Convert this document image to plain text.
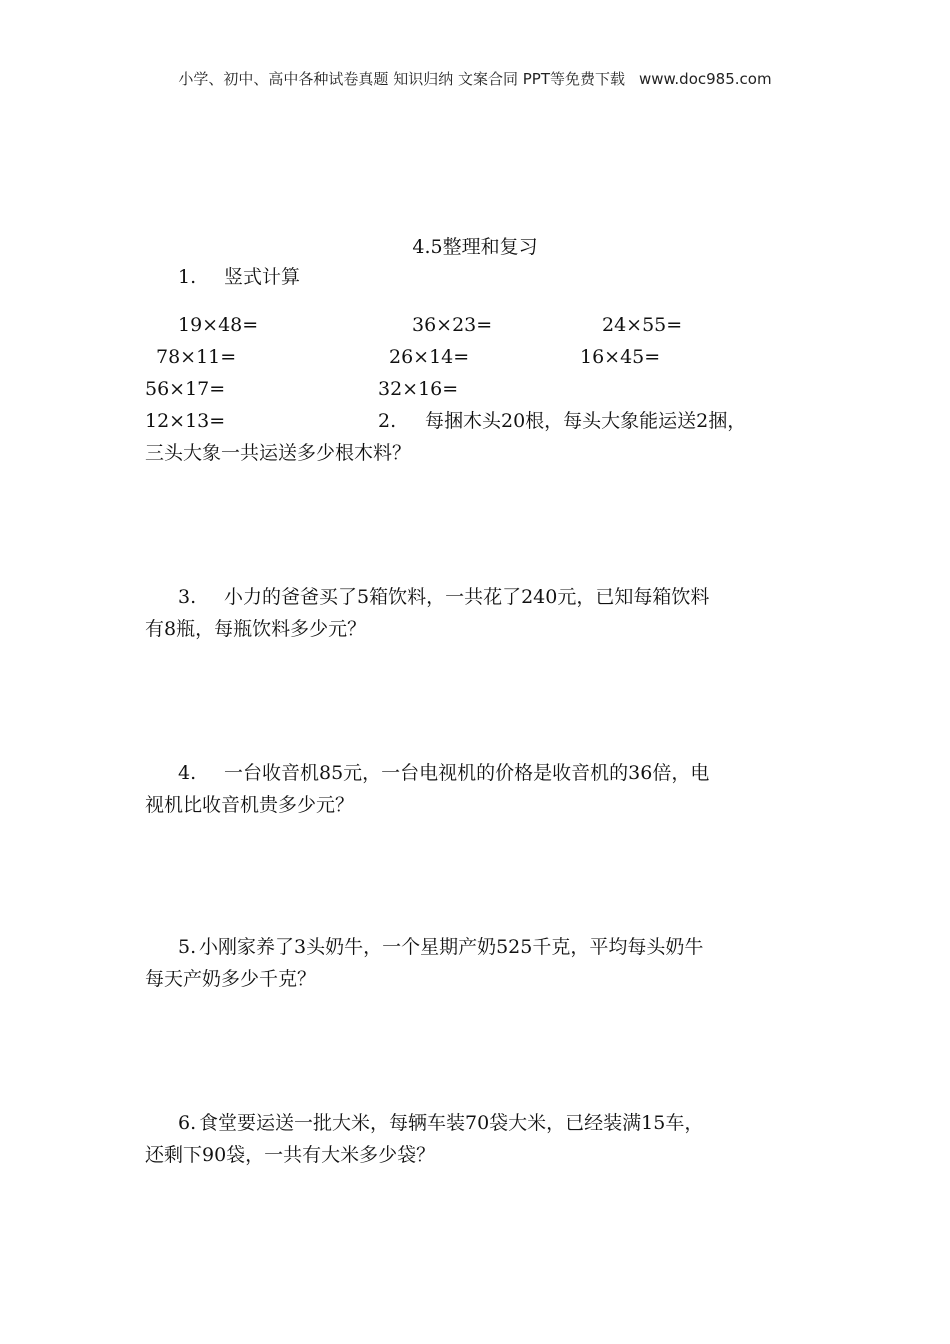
小学、初中、高中各种试卷真题 知识归纳 文案合同 PPT等免费下载 www.doc985.com
4.5整理和复习
1. 竖式计算
19×48=	36×23=	24×55=
78×11=	26×14=	16×45=
56×17=	32×16=
12×13=	2. 每捆木头20根，每头大象能运送2捆，
三头大象一共运送多少根木料？
3. 小力的爸爸买了5箱饮料，一共花了240元，已知每箱饮料
有8瓶，每瓶饮料多少元？
4. 一台收音机85元，一台电视机的价格是收音机的36倍，电
视机比收音机贵多少元？
5. 小刚家养了3头奶牛，一个星期产奶525千克，平均每头奶牛
每天产奶多少千克？
6. 食堂要运送一批大米，每辆车装70袋大米，已经装满15车，
还剩下90袋，一共有大米多少袋？
